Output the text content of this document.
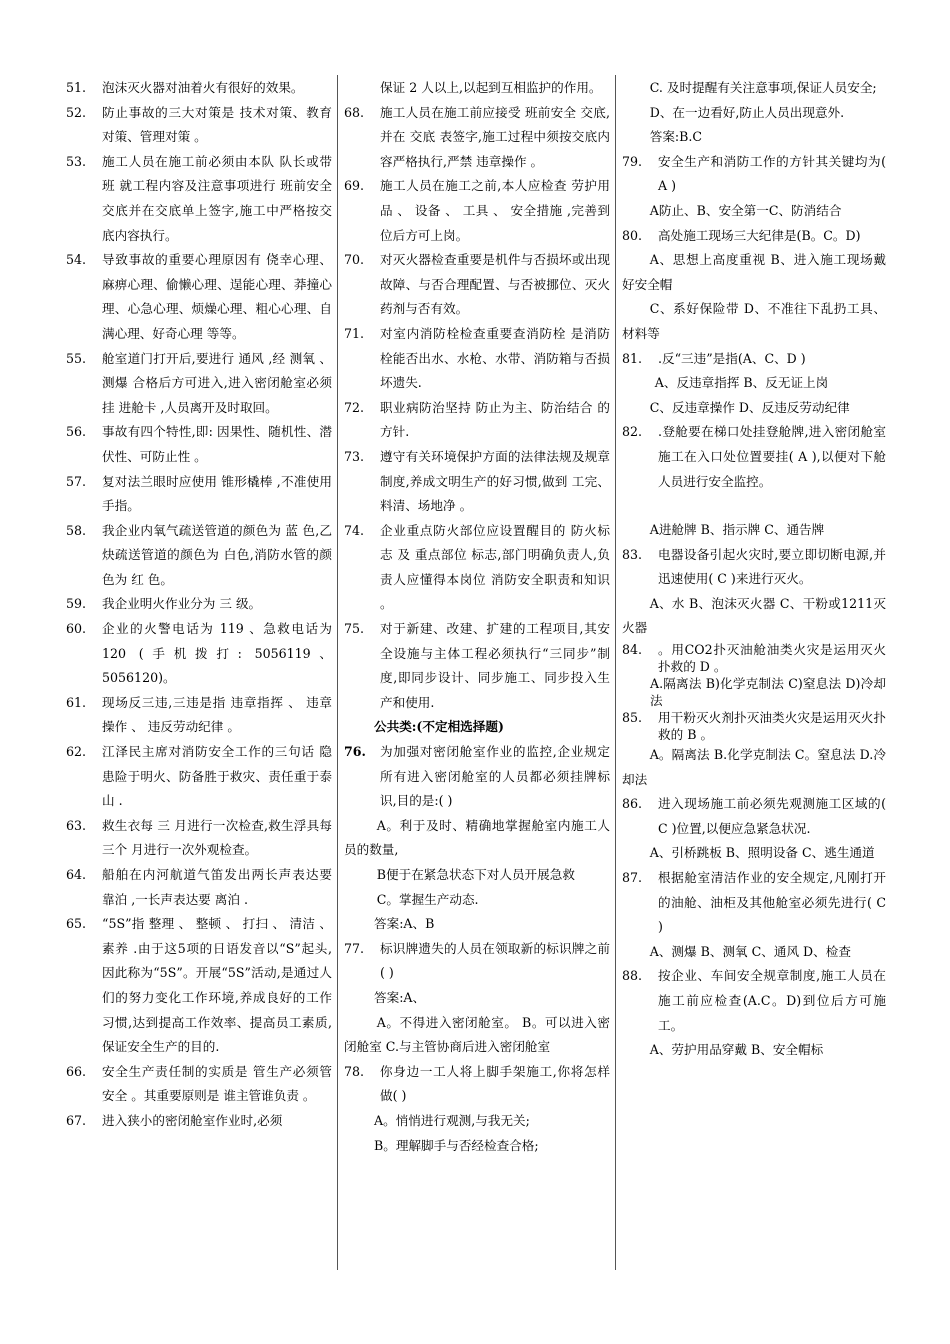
51.	泡沫灭火器对油着火有很好的效果。
52.	防止事故的三大对策是 技术对策、教育对策、管理对策 。
53.	施工人员在施工前必须由本队 队长或带班 就工程内容及注意事项进行 班前安全 交底并在交底单上签字,施工中严格按交底内容执行。
54.	导致事故的重要心理原因有 侥幸心理、麻痹心理、偷懒心理、逞能心理、莽撞心理、心急心理、烦燥心理、粗心心理、自满心理、好奇心理 等等。
55.	舱室道门打开后,要进行 通风 ,经 测氧 、 测爆 合格后方可进入,进入密闭舱室必须挂 进舱卡 ,人员离开及时取回。
56.	事故有四个特性,即: 因果性、随机性、潜伏性、可防止性 。
57.	复对法兰眼时应使用 锥形橇棒 ,不准使用手指。
58.	我企业内氧气疏送管道的颜色为 蓝 色,乙炔疏送管道的颜色为 白色,消防水管的颜色为 红 色。
59.	我企业明火作业分为 三 级。
60.	企业的火警电话为 119 、急救电话为 120 (手机拨打: 5056119、5056120)。
61.	现场反三违,三违是指 违章指挥 、 违章操作 、 违反劳动纪律 。
62.	江泽民主席对消防安全工作的三句话 隐患险于明火、防备胜于救灾、责任重于泰山 .
63.	救生衣每 三 月进行一次检查,救生浮具每 三个 月进行一次外观检查。
64.	船舶在内河航道气笛发出两长声表达要 靠泊 ,一长声表达要 离泊 .
65.	“5S”指 整理 、 整顿 、 打扫 、 清洁 、 素养 .由于这5项的日语发音以“S”起头,因此称为“5S”。开展“5S”活动,是通过人们的努力变化工作环境,养成良好的工作习惯,达到提高工作效率、提高员工素质,保证安全生产的目的.
66.	安全生产责任制的实质是 管生产必须管安全 。其重要原则是 谁主管谁负责 。
67.	进入狭小的密闭舱室作业时,必须
保证 2 人以上,以起到互相监护的作用。
68.	施工人员在施工前应接受 班前安全 交底,并在 交底 表签字,施工过程中须按交底内容严格执行,严禁 违章操作 。
69.	施工人员在施工之前,本人应检查 劳护用品 、 设备 、 工具 、 安全措施 ,完善到位后方可上岗。
70.	对灭火器检查重要是机件与否损坏或出现故障、与否合理配置、与否被挪位、灭火药剂与否有效。
71.	对室内消防栓检查重要查消防栓 是消防栓能否出水、水枪、水带、消防箱与否损坏遗失.
72.	职业病防治坚持 防止为主、防治结合 的方针.
73.	遵守有关环境保护方面的法律法规及规章制度,养成文明生产的好习惯,做到 工完、料清、场地净 。
74.	企业重点防火部位应设置醒目的 防火标志 及 重点部位 标志,部门明确负责人,负责人应懂得本岗位 消防安全职责和知识 。
75.	对于新建、改建、扩建的工程项目,其安全设施与主体工程必须执行“三同步”制度,即同步设计、同步施工、同步投入生产和使用.

公共类:(不定相选择题)

76.	为加强对密闭舱室作业的监控,企业规定所有进入密闭舱室的人员都必须挂牌标识,目的是:( )

A。利于及时、精确地掌握舱室内施工人员的数量,

B便于在紧急状态下对人员开展急救

C。掌握生产动态.

答案:A、B

77.	标识牌遗失的人员在领取新的标识牌之前( )

答案:A、

A。不得进入密闭舱室。 B。可以进入密闭舱室 C.与主管协商后进入密闭舱室

78.	你身边一工人将上脚手架施工,你将怎样做( )

A。悄悄进行观测,与我无关;

B。理解脚手与否经检查合格;

C. 及时提醒有关注意事项,保证人员安全;

D、在一边看好,防止人员出现意外.

答案:B.C

79.	安全生产和消防工作的方针其关键均为( A )

A防止、B、安全第一C、防消结合

80.	高处施工现场三大纪律是(B。C。D)

A、思想上高度重视 B、进入施工现场戴好安全帽

C、系好保险带 D、不准往下乱扔工具、材料等

81.	.反“三违”是指(A、C、D )

A、反违章指挥 B、反无证上岗

C、反违章操作 D、反违反劳动纪律

82.	.登舱要在梯口处挂登舱牌,进入密闭舱室施工在入口处位置要挂( A ),以便对下舱人员进行安全监控。

A进舱牌 B、指示牌 C、通告牌

83.	电器设备引起火灾时,要立即切断电源,并迅速使用( C )来进行灭火。

A、水 B、泡沫灭火器 C、干粉或1211灭火器

84.	。用CO2扑灭油舱油类火灾是运用灭火扑救的 D 。

A.隔离法 B)化学克制法 C)窒息法 D)冷却法

85.	用干粉灭火剂扑灭油类火灾是运用灭火扑救的 B 。

A。隔离法 B.化学克制法 C。窒息法 D.冷却法

86.	进入现场施工前必须先观测施工区域的( C )位置,以便应急紧急状况.

A、引桥跳板 B、照明设备 C、逃生通道

87.	根据舱室清洁作业的安全规定,凡刚打开的油舱、油柜及其他舱室必须先进行( C )

A、测爆 B、测氧 C、通风 D、检查

88.	按企业、车间安全规章制度,施工人员在施工前应检查(A.C。D)到位后方可施工。

A、劳护用品穿戴 B、安全帽标
